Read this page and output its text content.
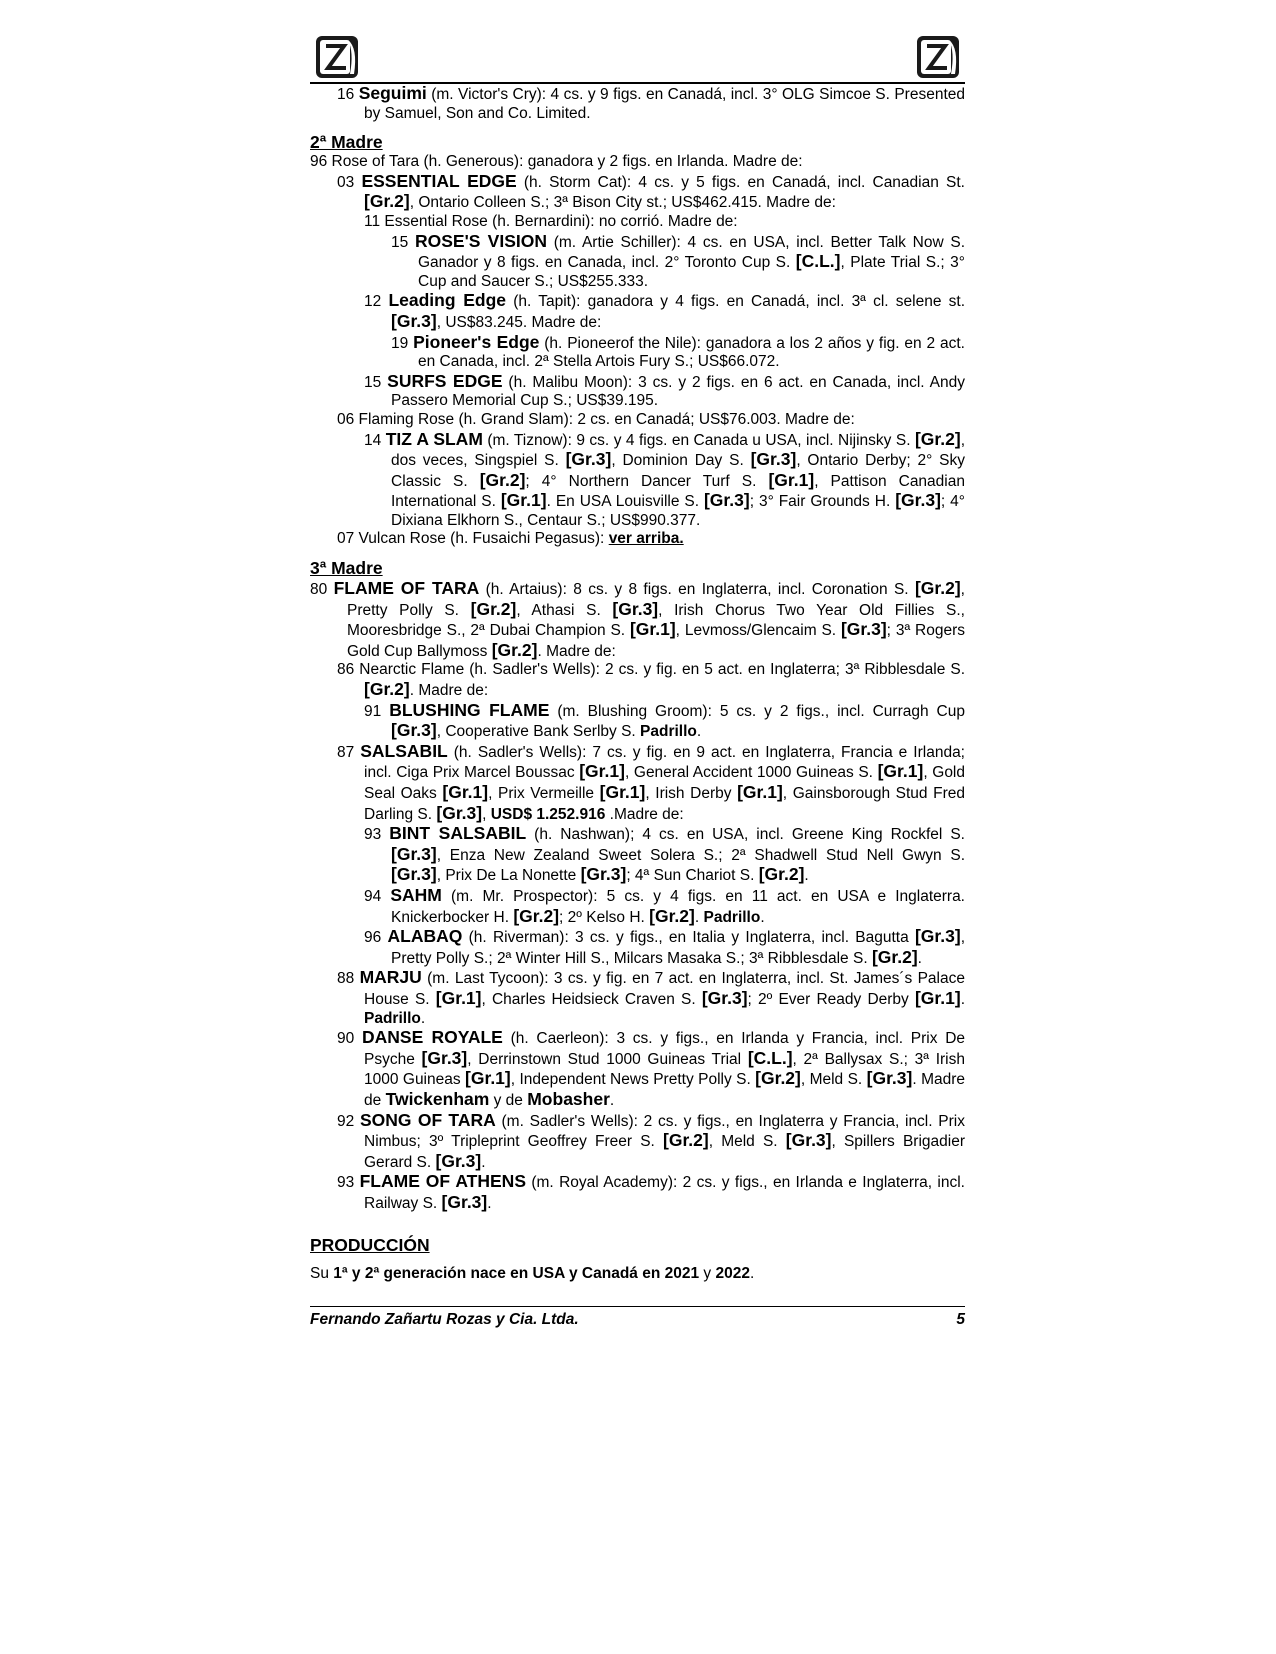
16 Seguimi (m. Victor's Cry): 4 cs. y 9 figs. en Canadá, incl. 3° OLG Simcoe S. Presented by Samuel, Son and Co. Limited.

2ª Madre

96 Rose of Tara (h. Generous): ganadora y 2 figs. en Irlanda. Madre de:

03 ESSENTIAL EDGE (h. Storm Cat): 4 cs. y 5 figs. en Canadá, incl. Canadian St. [Gr.2], Ontario Colleen S.; 3ª Bison City st.; US$462.415. Madre de:

11 Essential Rose (h. Bernardini): no corrió. Madre de:

15 ROSE'S VISION (m. Artie Schiller): 4 cs. en USA, incl. Better Talk Now S. Ganador y 8 figs. en Canada, incl. 2° Toronto Cup S. [C.L.], Plate Trial S.; 3° Cup and Saucer S.; US$255.333.

12 Leading Edge (h. Tapit): ganadora y 4 figs. en Canadá, incl. 3ª cl. selene st. [Gr.3], US$83.245. Madre de:

19 Pioneer's Edge (h. Pioneerof the Nile): ganadora a los 2 años y fig. en 2 act. en Canada, incl. 2ª Stella Artois Fury S.; US$66.072.

15 SURFS EDGE (h. Malibu Moon): 3 cs. y 2 figs. en 6 act. en Canada, incl. Andy Passero Memorial Cup S.; US$39.195.

06 Flaming Rose (h. Grand Slam): 2 cs. en Canadá; US$76.003. Madre de:

14 TIZ A SLAM (m. Tiznow): 9 cs. y 4 figs. en Canada u USA, incl. Nijinsky S. [Gr.2], dos veces, Singspiel S. [Gr.3], Dominion Day S. [Gr.3], Ontario Derby; 2° Sky Classic S. [Gr.2]; 4° Northern Dancer Turf S. [Gr.1], Pattison Canadian International S. [Gr.1]. En USA Louisville S. [Gr.3]; 3° Fair Grounds H. [Gr.3]; 4° Dixiana Elkhorn S., Centaur S.; US$990.377.

07 Vulcan Rose (h. Fusaichi Pegasus): ver arriba.

3ª Madre

80 FLAME OF TARA (h. Artaius): 8 cs. y 8 figs. en Inglaterra, incl. Coronation S. [Gr.2], Pretty Polly S. [Gr.2], Athasi S. [Gr.3], Irish Chorus Two Year Old Fillies S., Mooresbridge S., 2ª Dubai Champion S. [Gr.1], Levmoss/Glencaim S. [Gr.3]; 3ª Rogers Gold Cup Ballymoss [Gr.2]. Madre de:

86 Nearctic Flame (h. Sadler's Wells): 2 cs. y fig. en 5 act. en Inglaterra; 3ª Ribblesdale S. [Gr.2]. Madre de:

91 BLUSHING FLAME (m. Blushing Groom): 5 cs. y 2 figs., incl. Curragh Cup [Gr.3], Cooperative Bank Serlby S. Padrillo.

87 SALSABIL (h. Sadler's Wells): 7 cs. y fig. en 9 act. en Inglaterra, Francia e Irlanda; incl. Ciga Prix Marcel Boussac [Gr.1], General Accident 1000 Guineas S. [Gr.1], Gold Seal Oaks [Gr.1], Prix Vermeille [Gr.1], Irish Derby [Gr.1], Gainsborough Stud Fred Darling S. [Gr.3], USD$ 1.252.916 .Madre de:

93 BINT SALSABIL (h. Nashwan); 4 cs. en USA, incl. Greene King Rockfel S. [Gr.3], Enza New Zealand Sweet Solera S.; 2ª Shadwell Stud Nell Gwyn S. [Gr.3], Prix De La Nonette [Gr.3]; 4ª Sun Chariot S. [Gr.2].

94 SAHM (m. Mr. Prospector): 5 cs. y 4 figs. en 11 act. en USA e Inglaterra. Knickerbocker H. [Gr.2]; 2º Kelso H. [Gr.2]. Padrillo.

96 ALABAQ (h. Riverman): 3 cs. y figs., en Italia y Inglaterra, incl. Bagutta [Gr.3], Pretty Polly S.; 2ª Winter Hill S., Milcars Masaka S.; 3ª Ribblesdale S. [Gr.2].

88 MARJU (m. Last Tycoon): 3 cs. y fig. en 7 act. en Inglaterra, incl. St. James´s Palace House S. [Gr.1], Charles Heidsieck Craven S. [Gr.3]; 2º Ever Ready Derby [Gr.1]. Padrillo.

90 DANSE ROYALE (h. Caerleon): 3 cs. y figs., en Irlanda y Francia, incl. Prix De Psyche [Gr.3], Derrinstown Stud 1000 Guineas Trial [C.L.], 2ª Ballysax S.; 3ª Irish 1000 Guineas [Gr.1], Independent News Pretty Polly S. [Gr.2], Meld S. [Gr.3]. Madre de Twickenham y de Mobasher.

92 SONG OF TARA (m. Sadler's Wells): 2 cs. y figs., en Inglaterra y Francia, incl. Prix Nimbus; 3º Tripleprint Geoffrey Freer S. [Gr.2], Meld S. [Gr.3], Spillers Brigadier Gerard S. [Gr.3].

93 FLAME OF ATHENS (m. Royal Academy): 2 cs. y figs., en Irlanda e Inglaterra, incl. Railway S. [Gr.3].

PRODUCCIÓN

Su 1ª y 2ª generación nace en USA y Canadá en 2021 y 2022.

Fernando Zañartu Rozas y Cia. Ltda.	5
